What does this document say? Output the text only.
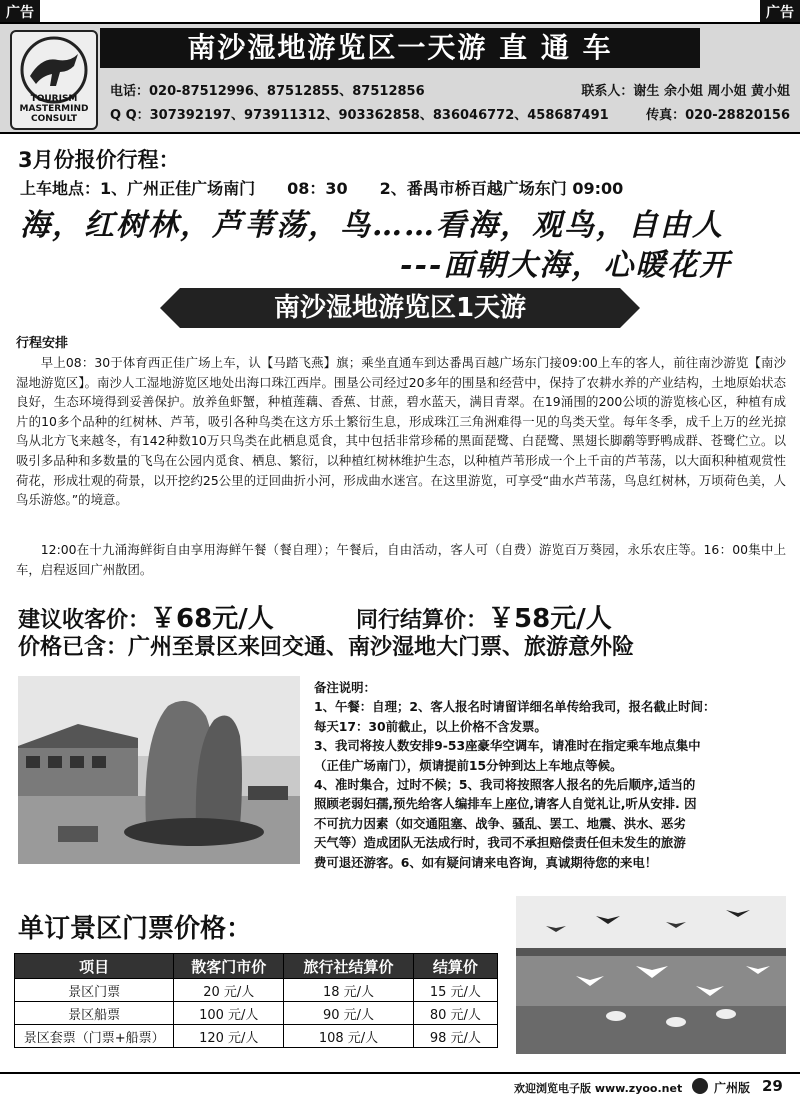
广告	广告
TOURISM MASTERMIND CONSULT
南沙湿地游览区一天游 直 通 车
电话：020-87512996、87512855、87512856	联系人：谢生 余小姐 周小姐 黄小姐
Q Q：307392197、973911312、903362858、836046772、458687491	传真：020-28820156
3月份报价行程：
上车地点：1、广州正佳广场南门　　08：30　　2、番禺市桥百越广场东门 09:00
海，红树林，芦苇荡，鸟……看海，观鸟，自由人
---面朝大海，心暖花开
南沙湿地游览区1天游
行程安排
早上08：30于体育西正佳广场上车，认【马踏飞燕】旗；乘坐直通车到达番禺百越广场东门接09:00上车的客人，前往南沙游览【南沙湿地游览区】。南沙人工湿地游览区地处出海口珠江西岸。围垦公司经过20多年的围垦和经营中，保持了农耕水养的产业结构，土地原始状态良好，生态环境得到妥善保护。放养鱼虾蟹，种植莲藕、香蕉、甘蔗，碧水蓝天，满目青翠。在19涌围的200公顷的游览核心区，种植有成片的10多个品种的红树林、芦苇，吸引各种鸟类在这方乐土繁衍生息，形成珠江三角洲难得一见的鸟类天堂。每年冬季，成千上万的丝光掠鸟从北方飞来越冬，有142种数10万只鸟类在此栖息觅食，其中包括非常珍稀的黑面琵鹭、白琵鹭、黑翅长脚鹬等野鸭成群、苍鹭伫立。以吸引多品种和多数量的飞鸟在公园内觅食、栖息、繁衍，以种植红树林维护生态，以种植芦苇形成一个上千亩的芦苇荡，以大面积种植观赏性荷花，形成壮观的荷景，以开挖约25公里的迂回曲折小河，形成曲水迷宫。在这里游览，可享受“曲水芦苇荡，鸟息红树林，万顷荷色美，人鸟乐游悠。”的境意。
12:00在十九涌海鲜街自由享用海鲜午餐（餐自理）；午餐后，自由活动，客人可（自费）游览百万葵园，永乐农庄等。16：00集中上车，启程返回广州散团。
建议收客价：￥68元/人	同行结算价：￥58元/人
价格已含：广州至景区来回交通、南沙湿地大门票、旅游意外险
备注说明：
1、午餐：自理；2、客人报名时请留详细名单传给我司，报名截止时间：
每天17：30前截止，以上价格不含发票。
3、我司将按人数安排9-53座豪华空调车，请准时在指定乘车地点集中
（正佳广场南门），烦请提前15分钟到达上车地点等候。
4、准时集合，过时不候；5、我司将按照客人报名的先后顺序,适当的
照顾老弱妇孺,预先给客人编排车上座位,请客人自觉礼让,听从安排. 因
不可抗力因素（如交通阻塞、战争、骚乱、罢工、地震、洪水、恶劣
天气等）造成团队无法成行时，我司不承担赔偿责任但未发生的旅游
费可退还游客。6、如有疑问请来电咨询，真诚期待您的来电！
单订景区门票价格：
项目	散客门市价	旅行社结算价	结算价
景区门票	20 元/人	18 元/人	15 元/人
景区船票	100 元/人	90 元/人	80 元/人
景区套票（门票+船票）	120 元/人	108 元/人	98 元/人
欢迎浏览电子版 www.zyoo.net	广州版 29
